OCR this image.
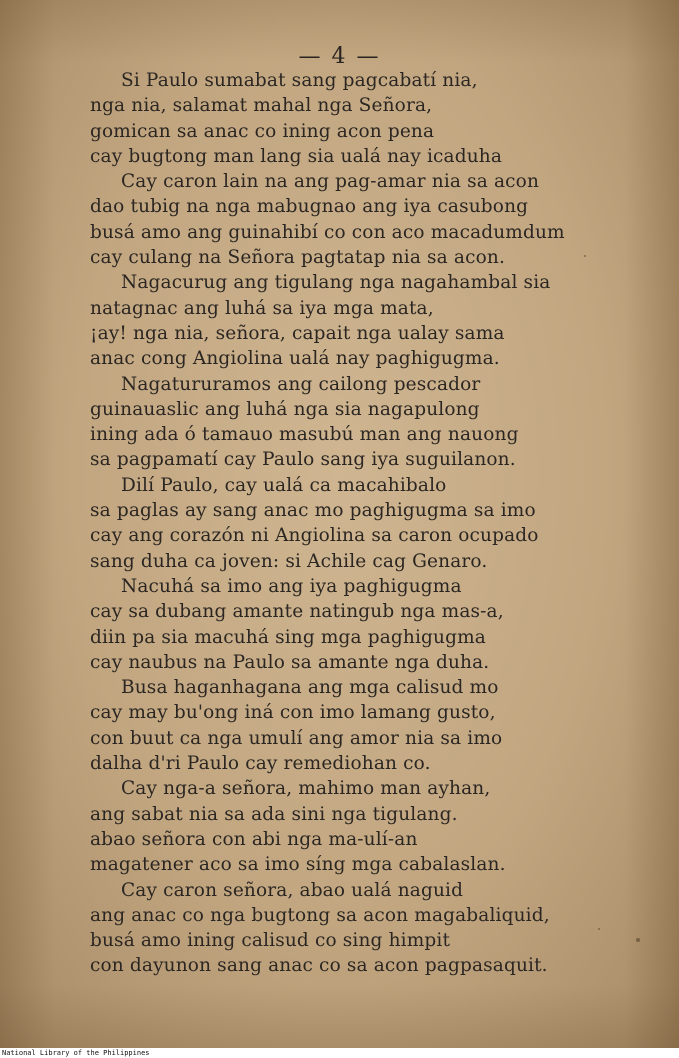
— 4 —
Si Paulo sumabat sang pagcabatí nia,
nga nia, salamat mahal nga Señora,
gomican sa anac co ining acon pena
cay bugtong man lang sia ualá nay icaduha
Cay caron lain na ang pag-amar nia sa acon
dao tubig na nga mabugnao ang iya casubong
busá amo ang guinahibí co con aco macadumdum
cay culang na Señora pagtatap nia sa acon.
Nagacurug ang tigulang nga nagahambal sia
natagnac ang luhá sa iya mga mata,
¡ay! nga nia, señora, capait nga ualay sama
anac cong Angiolina ualá nay paghigugma.
Nagatururamos ang cailong pescador
guinauaslic ang luhá nga sia nagapulong
ining ada ó tamauo masubú man ang nauong
sa pagpamatí cay Paulo sang iya suguilanon.
Dilí Paulo, cay ualá ca macahibalo
sa paglas ay sang anac mo paghigugma sa imo
cay ang corazón ni Angiolina sa caron ocupado
sang duha ca joven: si Achile cag Genaro.
Nacuhá sa imo ang iya paghigugma
cay sa dubang amante natingub nga mas-a,
diin pa sia macuhá sing mga paghigugma
cay naubus na Paulo sa amante nga duha.
Busa haganhagana ang mga calisud mo
cay may bu'ong iná con imo lamang gusto,
con buut ca nga umulí ang amor nia sa imo
dalha d'ri Paulo cay remediohan co.
Cay nga-a señora, mahimo man ayhan,
ang sabat nia sa ada sini nga tigulang.
abao señora con abi nga ma-ulí-an
magatener aco sa imo síng mga cabalaslan.
Cay caron señora, abao ualá naguid
ang anac co nga bugtong sa acon magabaliquid,
busá amo ining calisud co sing himpit
con dayunon sang anac co sa acon pagpasaquit.
National Library of the Philippines
